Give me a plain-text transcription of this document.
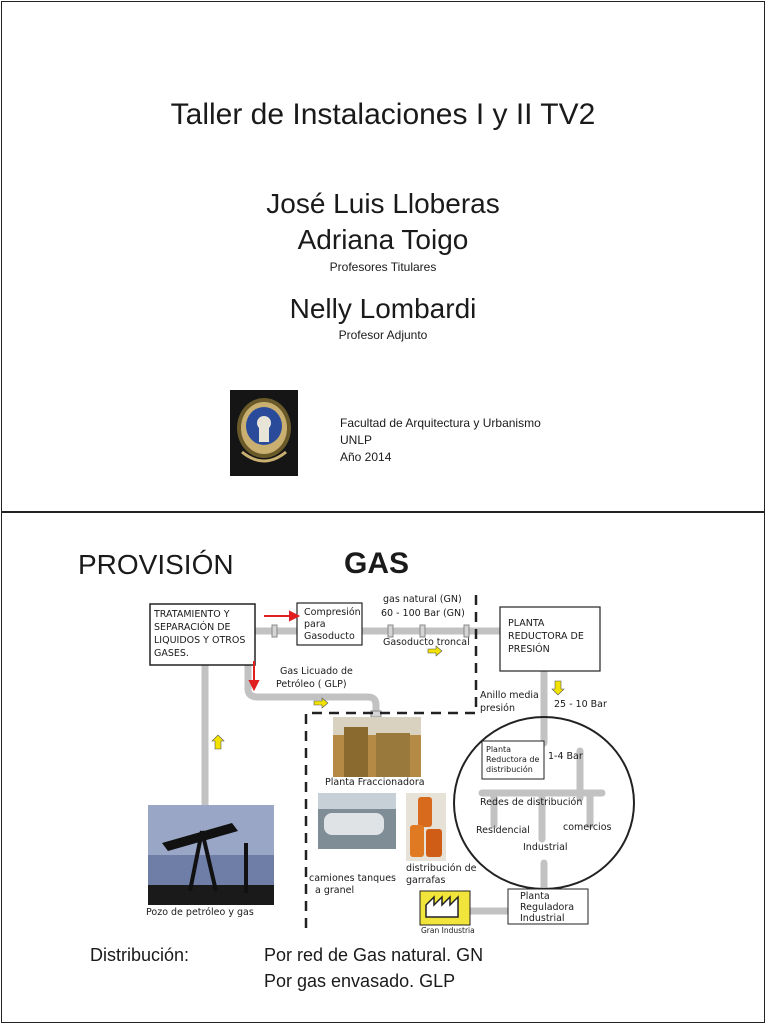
Taller de Instalaciones I y II TV2
José Luis Lloberas
Adriana Toigo
Profesores Titulares
Nelly Lombardi
Profesor Adjunto
Facultad de Arquitectura y Urbanismo
UNLP
Año 2014
PROVISIÓN	GAS
TRATAMIENTO Y SEPARACIÓN DE LIQUIDOS Y OTROS GASES.
Compresión para Gasoducto
gas natural (GN) 60 - 100 Bar (GN)
Gasoducto troncal
PLANTA REDUCTORA DE PRESIÓN
Gas Licuado de Petróleo ( GLP)
Anillo media presión	25 - 10 Bar
Planta Reductora de distribución
1-4 Bar
Redes de distribución
Residencial	comercios
Industrial
Planta Fraccionadora
camiones tanques a granel
distribución de garrafas
Pozo de petróleo y gas
Gran Industria
Planta Reguladora Industrial
Distribución:	Por red de Gas natural. GN
Por gas envasado. GLP
